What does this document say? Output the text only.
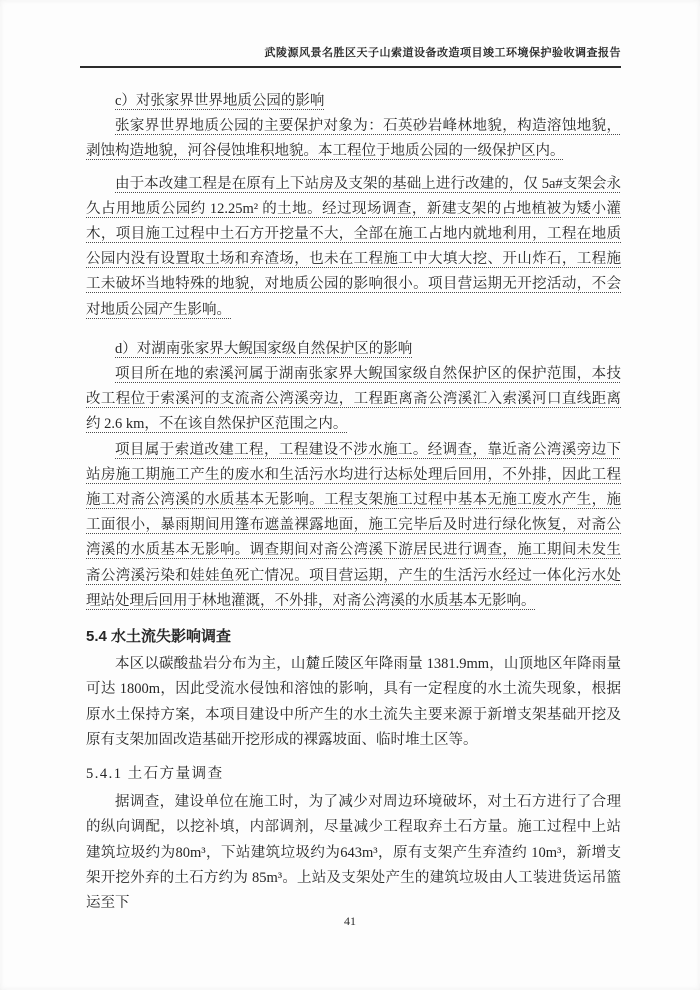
武陵源风景名胜区天子山索道设备改造项目竣工环境保护验收调查报告

c）对张家界世界地质公园的影响

张家界世界地质公园的主要保护对象为：石英砂岩峰林地貌，构造溶蚀地貌，剥蚀构造地貌，河谷侵蚀堆积地貌。本工程位于地质公园的一级保护区内。

由于本改建工程是在原有上下站房及支架的基础上进行改建的，仅 5a#支架会永久占用地质公园约 12.25m² 的土地。经过现场调查，新建支架的占地植被为矮小灌木，项目施工过程中土石方开挖量不大，全部在施工占地内就地利用，工程在地质公园内没有设置取土场和弃渣场，也未在工程施工中大填大挖、开山炸石，工程施工未破坏当地特殊的地貌，对地质公园的影响很小。项目营运期无开挖活动，不会对地质公园产生影响。

d）对湖南张家界大鲵国家级自然保护区的影响

项目所在地的索溪河属于湖南张家界大鲵国家级自然保护区的保护范围，本技改工程位于索溪河的支流斋公湾溪旁边，工程距离斋公湾溪汇入索溪河口直线距离约 2.6 km，不在该自然保护区范围之内。

项目属于索道改建工程，工程建设不涉水施工。经调查，靠近斋公湾溪旁边下站房施工期施工产生的废水和生活污水均进行达标处理后回用，不外排，因此工程施工对斋公湾溪的水质基本无影响。工程支架施工过程中基本无施工废水产生，施工面很小，暴雨期间用篷布遮盖裸露地面，施工完毕后及时进行绿化恢复，对斋公湾溪的水质基本无影响。调查期间对斋公湾溪下游居民进行调查，施工期间未发生斋公湾溪污染和娃娃鱼死亡情况。项目营运期，产生的生活污水经过一体化污水处理站处理后回用于林地灌溉，不外排，对斋公湾溪的水质基本无影响。

5.4 水土流失影响调查

本区以碳酸盐岩分布为主，山麓丘陵区年降雨量 1381.9mm，山顶地区年降雨量可达 1800m，因此受流水侵蚀和溶蚀的影响，具有一定程度的水土流失现象，根据原水土保持方案，本项目建设中所产生的水土流失主要来源于新增支架基础开挖及原有支架加固改造基础开挖形成的裸露坡面、临时堆土区等。

5.4.1 土石方量调查

据调查，建设单位在施工时，为了减少对周边环境破坏，对土石方进行了合理的纵向调配，以挖补填，内部调剂，尽量减少工程取弃土石方量。施工过程中上站建筑垃圾约为80m³，下站建筑垃圾约为643m³，原有支架产生弃渣约 10m³，新增支架开挖外弃的土石方约为 85m³。上站及支架处产生的建筑垃圾由人工装进货运吊篮运至下

41
